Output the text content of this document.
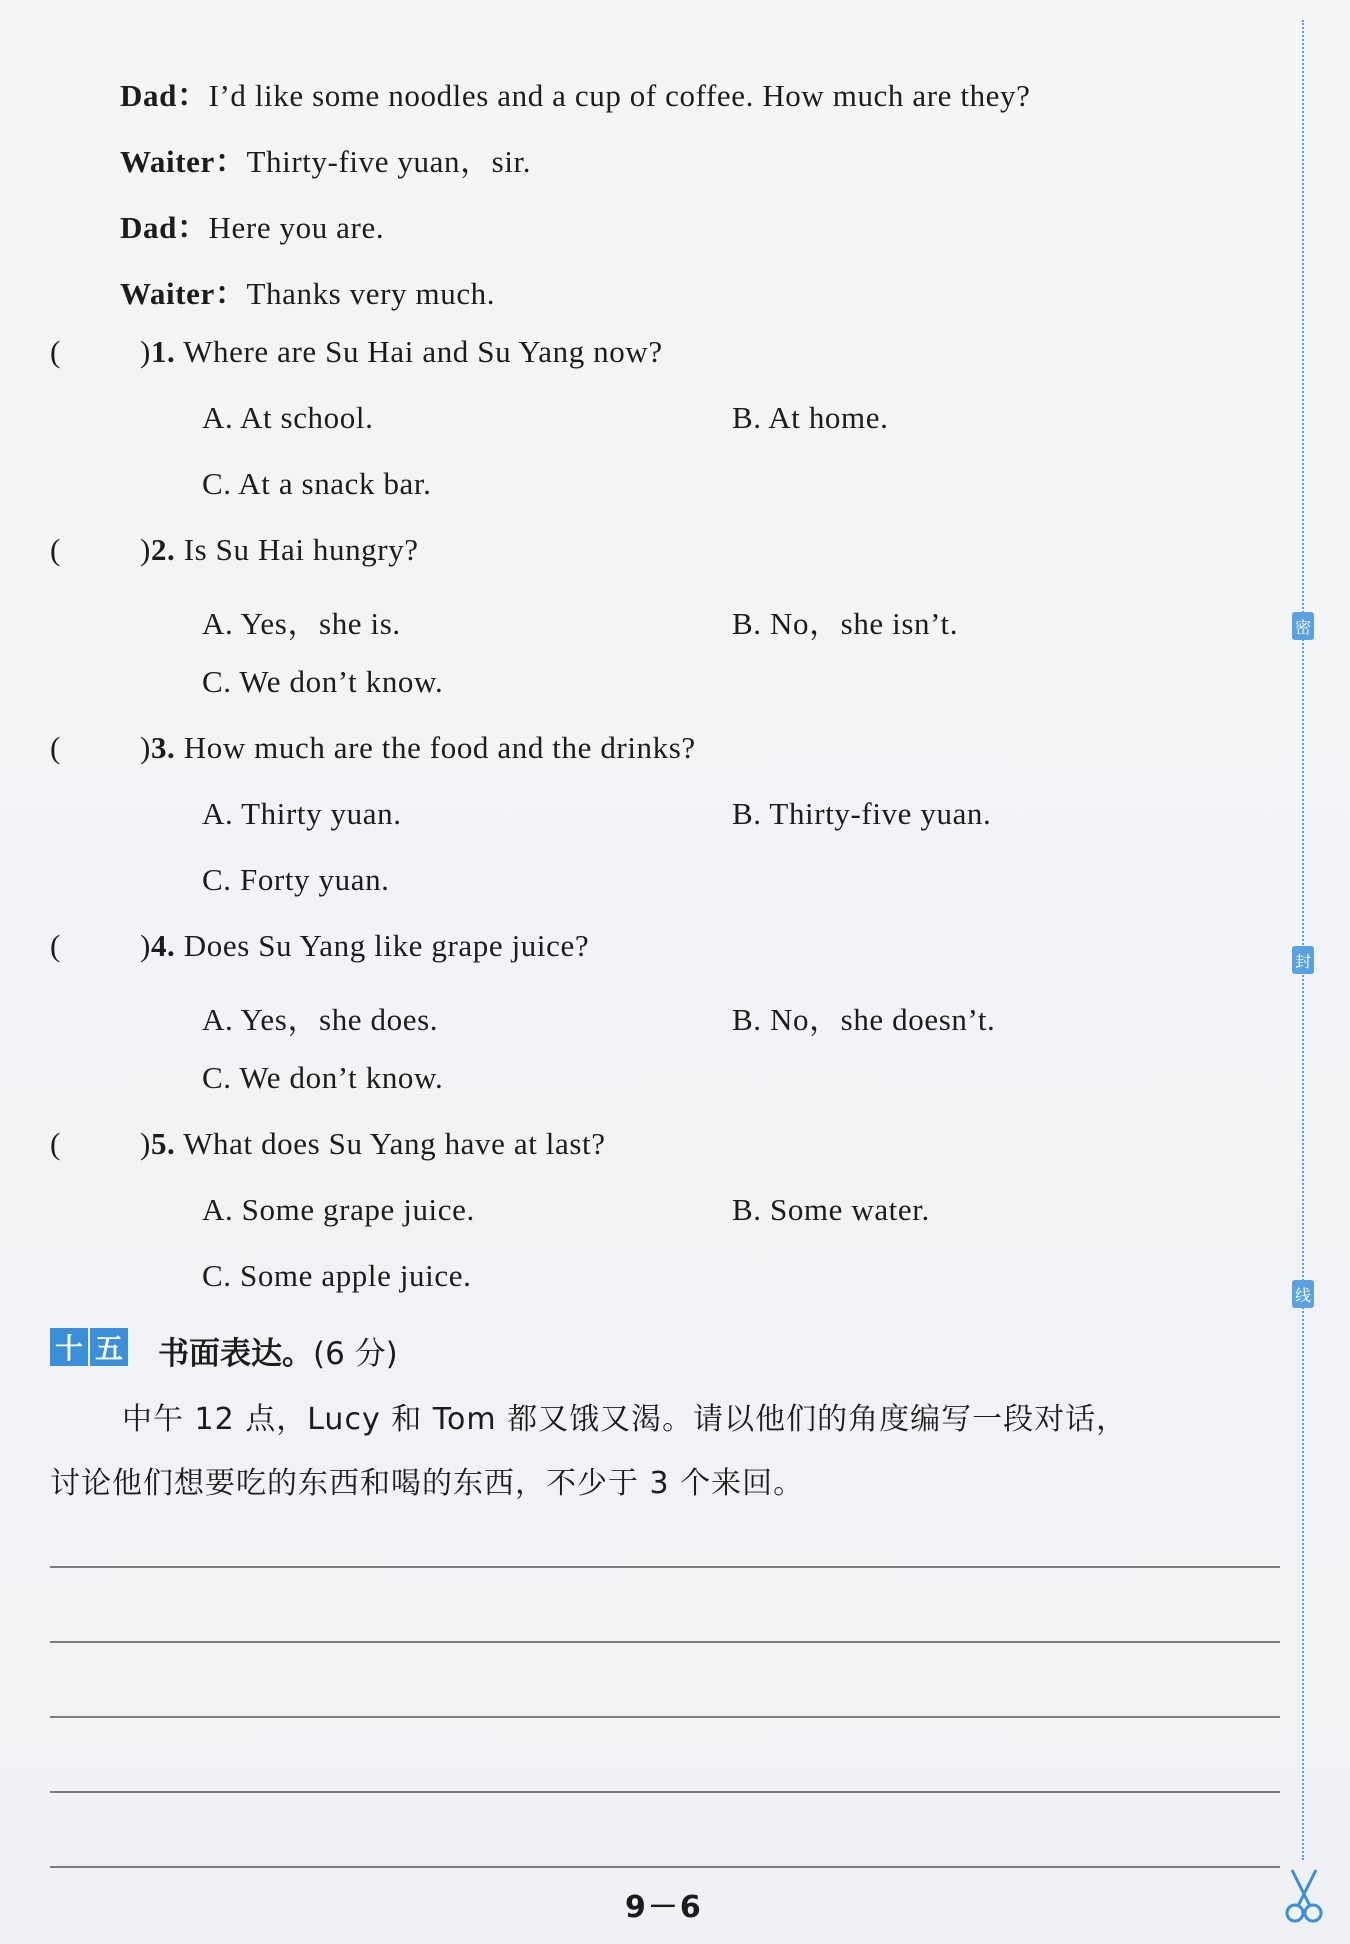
Dad：I’d like some noodles and a cup of coffee. How much are they?
Waiter：Thirty-five yuan，sir.
Dad：Here you are.
Waiter：Thanks very much.
(	)1. Where are Su Hai and Su Yang now?
A. At school.	B. At home.
C. At a snack bar.
(	)2. Is Su Hai hungry?
A. Yes，she is.	B. No，she isn’t.
C. We don’t know.
(	)3. How much are the food and the drinks?
A. Thirty yuan.	B. Thirty-five yuan.
C. Forty yuan.
(	)4. Does Su Yang like grape juice?
A. Yes，she does.	B. No，she doesn’t.
C. We don’t know.
(	)5. What does Su Yang have at last?
A. Some grape juice.	B. Some water.
C. Some apple juice.
十 五 书面表达。(6 分)
中午 12 点，Lucy 和 Tom 都又饿又渴。请以他们的角度编写一段对话，
讨论他们想要吃的东西和喝的东西，不少于 3 个来回。
9－6
密
封
线
